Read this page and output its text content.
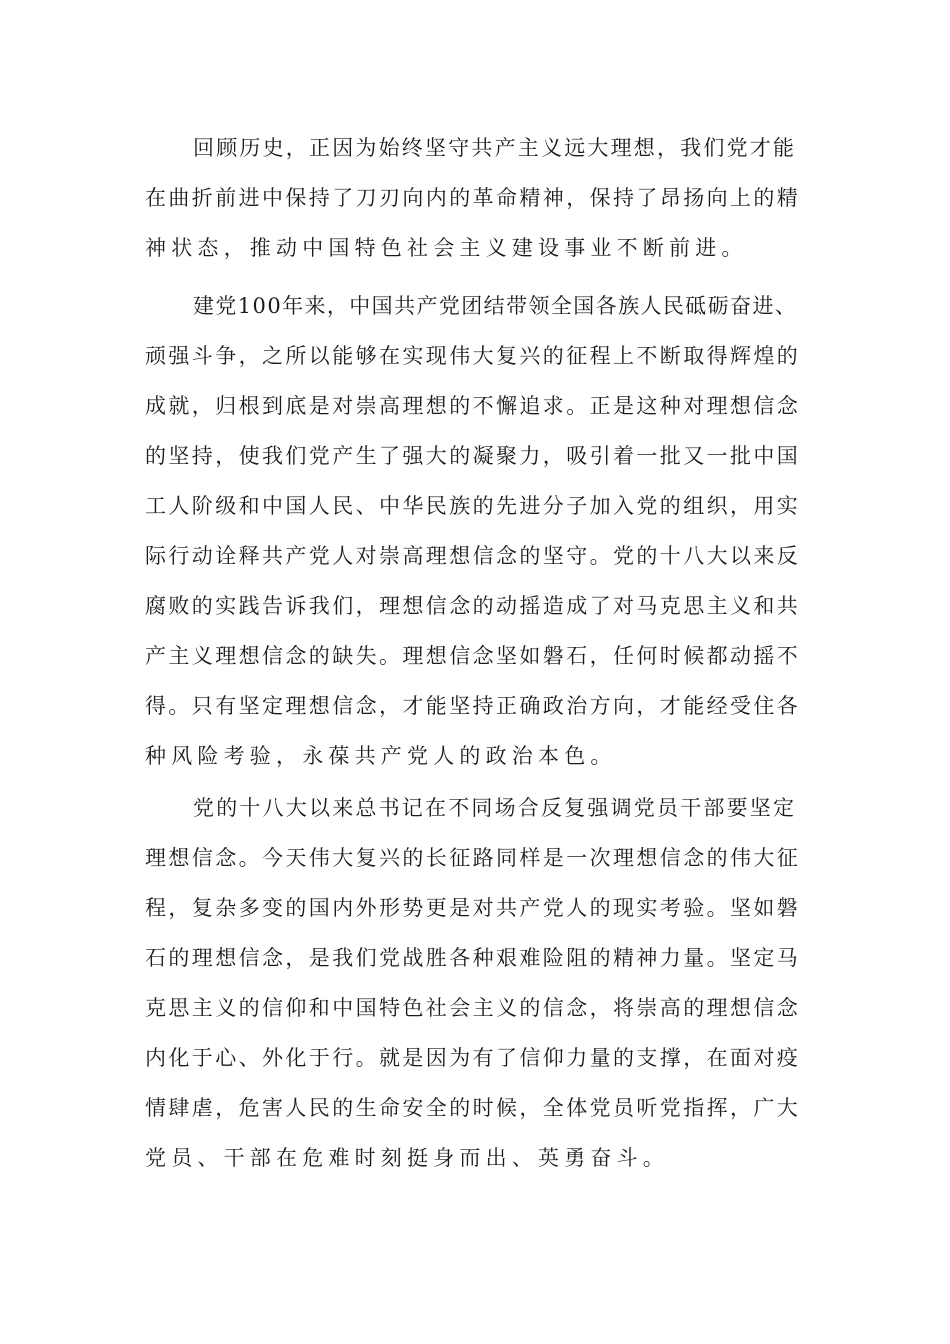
回顾历史，正因为始终坚守共产主义远大理想，我们党才能
在曲折前进中保持了刀刃向内的革命精神，保持了昂扬向上的精
神状态，推动中国特色社会主义建设事业不断前进。
建党100年来，中国共产党团结带领全国各族人民砥砺奋进、
顽强斗争，之所以能够在实现伟大复兴的征程上不断取得辉煌的
成就，归根到底是对崇高理想的不懈追求。正是这种对理想信念
的坚持，使我们党产生了强大的凝聚力，吸引着一批又一批中国
工人阶级和中国人民、中华民族的先进分子加入党的组织，用实
际行动诠释共产党人对崇高理想信念的坚守。党的十八大以来反
腐败的实践告诉我们，理想信念的动摇造成了对马克思主义和共
产主义理想信念的缺失。理想信念坚如磐石，任何时候都动摇不
得。只有坚定理想信念，才能坚持正确政治方向，才能经受住各
种风险考验，永葆共产党人的政治本色。
党的十八大以来总书记在不同场合反复强调党员干部要坚定
理想信念。今天伟大复兴的长征路同样是一次理想信念的伟大征
程，复杂多变的国内外形势更是对共产党人的现实考验。坚如磐
石的理想信念，是我们党战胜各种艰难险阻的精神力量。坚定马
克思主义的信仰和中国特色社会主义的信念，将崇高的理想信念
内化于心、外化于行。就是因为有了信仰力量的支撑，在面对疫
情肆虐，危害人民的生命安全的时候，全体党员听党指挥，广大
党员、干部在危难时刻挺身而出、英勇奋斗。
